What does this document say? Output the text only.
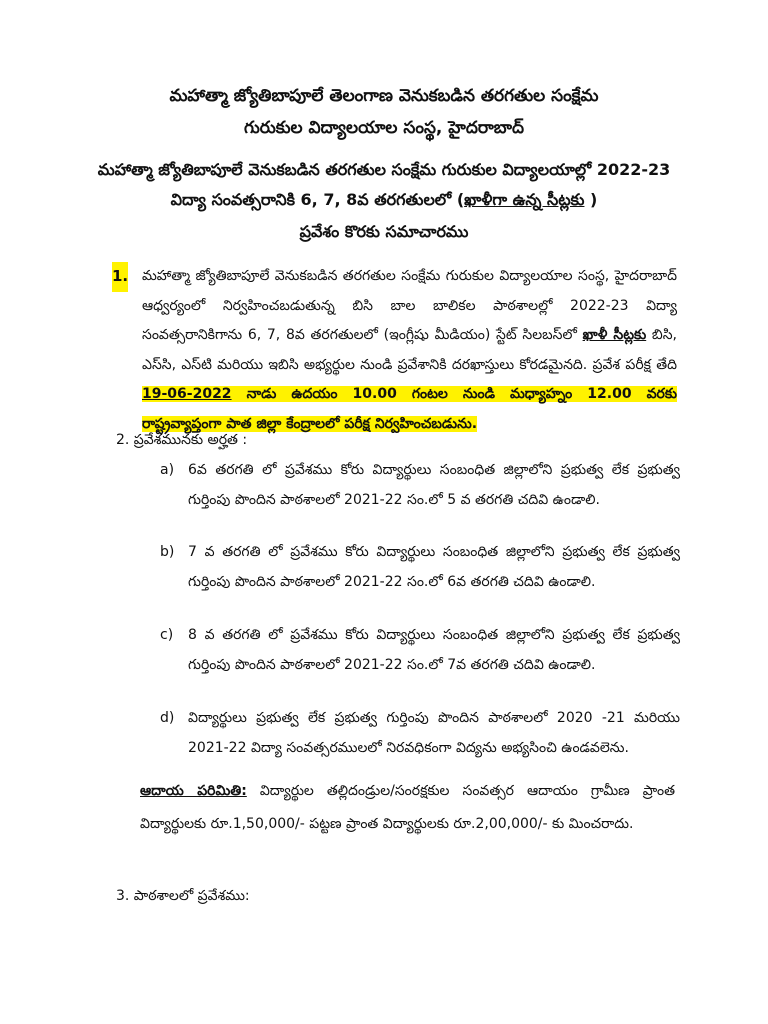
మహాత్మా జ్యోతిబాపూలే తెలంగాణ వెనుకబడిన తరగతుల సంక్షేమ
గురుకుల విద్యాలయాల సంస్థ, హైదరాబాద్
మహాత్మా జ్యోతిబాపూలే వెనుకబడిన తరగతుల సంక్షేమ గురుకుల విద్యాలయాల్లో 2022-23
విద్యా సంవత్సరానికి 6, 7, 8వ తరగతులలో (ఖాళీగా ఉన్న సీట్లకు )
ప్రవేశం కొరకు సమాచారము
1. మహాత్మా జ్యోతిబాపూలే వెనుకబడిన తరగతుల సంక్షేమ గురుకుల విద్యాలయాల సంస్థ, హైదరాబాద్ ఆధ్వర్యంలో నిర్వహించబడుతున్న బిసి బాల బాలికల పాఠశాలల్లో 2022-23 విద్యా సంవత్సరానికిగాను 6, 7, 8వ తరగతులలో (ఇంగ్లీషు మీడియం) స్టేట్ సిలబస్‌లో ఖాళీ సీట్లకు బిసి, ఎస్‌సి, ఎస్‌టి మరియు ఇబిసి అభ్యర్థుల నుండి ప్రవేశానికి దరఖాస్తులు కోరడమైనది. ప్రవేశ పరీక్ష తేది 19-06-2022 నాడు ఉదయం 10.00 గంటల నుండి మధ్యాహ్నం 12.00 వరకు రాష్ట్రవ్యాప్తంగా పాత జిల్లా కేంద్రాలలో పరీక్ష నిర్వహించబడును.
2. ప్రవేశమునకు అర్హత :
a) 6వ తరగతి లో ప్రవేశము కోరు విద్యార్థులు సంబంధిత జిల్లాలోని ప్రభుత్వ లేక ప్రభుత్వ గుర్తింపు పొందిన పాఠశాలలో 2021-22 సం.లో 5 వ తరగతి చదివి ఉండాలి.
b) 7 వ తరగతి లో ప్రవేశము కోరు విద్యార్థులు సంబంధిత జిల్లాలోని ప్రభుత్వ లేక ప్రభుత్వ గుర్తింపు పొందిన పాఠశాలలో 2021-22 సం.లో 6వ తరగతి చదివి ఉండాలి.
c) 8 వ తరగతి లో ప్రవేశము కోరు విద్యార్థులు సంబంధిత జిల్లాలోని ప్రభుత్వ లేక ప్రభుత్వ గుర్తింపు పొందిన పాఠశాలలో 2021-22 సం.లో 7వ తరగతి చదివి ఉండాలి.
d) విద్యార్థులు ప్రభుత్వ లేక ప్రభుత్వ గుర్తింపు పొందిన పాఠశాలలో 2020 -21 మరియు 2021-22 విద్యా సంవత్సరములలో నిరవధికంగా విద్యను అభ్యసించి ఉండవలెను.
ఆదాయ పరిమితి: విద్యార్థుల తల్లిదండ్రుల/సంరక్షకుల సంవత్సర ఆదాయం గ్రామీణ ప్రాంత విద్యార్థులకు రూ.1,50,000/- పట్టణ ప్రాంత విద్యార్థులకు రూ.2,00,000/- కు మించరాదు.
3. పాఠశాలలో ప్రవేశము:
